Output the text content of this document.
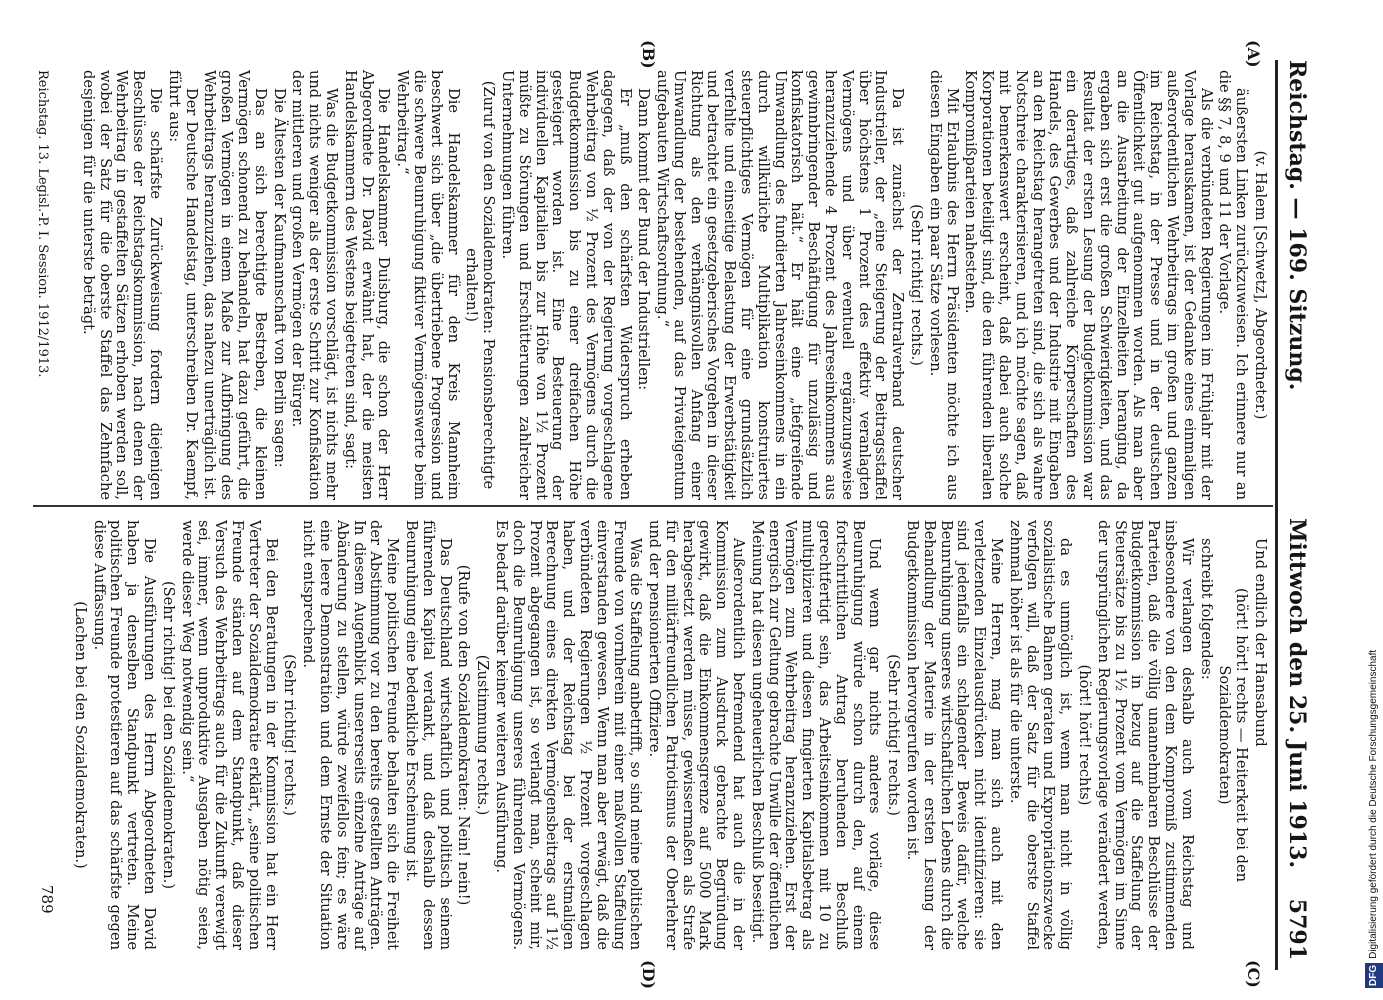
Reichstag. — 169. Sitzung.
Mittwoch den 25. Juni 1913.    5791
(A)
(B)
(C)
(D)

(v. Halem [Schwetz], Abgeordneter.)

äußersten Linken zurückzuweisen. Ich erinnere nur an die §§ 7, 8, 9 und 11 der Vorlage.

Als die verbündeten Regierungen im Frühjahr mit der Vorlage herauskamen, ist der Gedanke eines einmaligen außerordentlichen Wehrbeitrags im großen und ganzen im Reichstag, in der Presse und in der deutschen Öffentlichkeit gut aufgenommen worden. Als man aber an die Ausarbeitung der Einzelheiten heranging, da ergaben sich erst die großen Schwierigkeiten, und das Resultat der ersten Lesung der Budgetkommission war ein derartiges, daß zahlreiche Körperschaften des Handels, des Gewerbes und der Industrie mit Eingaben an den Reichstag herangetreten sind, die sich als wahre Notschreie charakterisieren, und ich möchte sagen, daß mit bemerkenswert erscheint, daß dabei auch solche Korporationen beteiligt sind, die den führenden liberalen Kompromißparteien nahestehen.

Mit Erlaubnis des Herrn Präsidenten möchte ich aus diesen Eingaben ein paar Sätze vorlesen.

(Sehr richtig! rechts.)

Da ist zunächst der Zentralverband deutscher Industrieller, der „eine Steigerung der Beitragsstaffel über höchstens 1 Prozent des effektiv veranlagten Vermögens und über eventuell ergänzungsweise heranzuziehende 4 Prozent des Jahreseinkommens aus gewinnbringender Beschäftigung für unzulässig und konfiskatorisch hält.“ Er hält eine „tiefgreifende Umwandlung des fundierten Jahreseinkommens in ein durch willkürliche Multiplikation konstruiertes steuerpflichtiges Vermögen für eine grundsätzlich verfehlte und einseitige Belastung der Erwerbstätigkeit und betrachtet ein gesetzgeberisches Vorgehen in dieser Richtung als den verhängnisvollen Anfang einer Umwandlung der bestehenden, auf das Privateigentum aufgebauten Wirtschaftsordnung.“

Dann kommt der Bund der Industriellen:

Er „muß den schärfsten Widerspruch erheben dagegen, daß der von der Regierung vorgeschlagene Wehrbeitrag von ½ Prozent des Vermögens durch die Budgetkommission bis zu einer dreifachen Höhe gesteigert worden ist. Eine Besteuerung der individuellen Kapitalien bis zur Höhe von 1½ Prozent müßte zu Störungen und Erschütterungen zahlreicher Unternehmungen führen.

(Zuruf von den Sozialdemokraten: Pensionsberechtigte erhalten!)

Die Handelskammer für den Kreis Mannheim beschwert sich über „die übertriebene Progression und die schwere Beunruhigung fiktiver Vermögenswerte beim Wehrbeitrag.“

Die Handelskammer Duisburg, die schon der Herr Abgeordnete Dr. David erwähnt hat, der die meisten Handelskammern des Westens beigetreten sind, sagt:

Was die Budgetkommission vorschlägt, ist nichts mehr und nichts weniger als der erste Schritt zur Konfiskation der mittleren und großen Vermögen der Bürger.

Die Ältesten der Kaufmannschaft von Berlin sagen:

Das an sich berechtigte Bestreben, die kleinen Vermögen schonend zu behandeln, hat dazu geführt, die großen Vermögen in einem Maße zur Aufbringung des Wehrbeitrags heranzuziehen, das nahezu unerträglich ist.

Der Deutsche Handelstag, unterschreiben Dr. Kaempf, führt aus:

Die schärfste Zurückweisung fordern diejenigen Beschlüsse der Reichstagskommission, nach denen der Wehrbeitrag in gestaffelten Sätzen erhoben werden soll, wobei der Satz für die oberste Staffel das Zehnfache desjenigen für die unterste beträgt.

Und endlich der Hansabund

(hört! hört! rechts — Heiterkeit bei den Sozialdemokraten)

schreibt folgendes:

Wir verlangen deshalb auch vom Reichstag und insbesondere von den dem Kompromiß zustimmenden Parteien, daß die völlig unannehmbaren Beschlüsse der Budgetkommission in bezug auf die Staffelung der Steuersätze bis zu 1½ Prozent vom Vermögen im Sinne der ursprünglichen Regierungsvorlage verändert werden,

(hört! hört! rechts)

da es unmöglich ist, wenn man nicht in völlig sozialistische Bahnen geraten und Expropriationszwecke verfolgen will, daß der Satz für die oberste Staffel zehnmal höher ist als für die unterste.

Meine Herren, mag man sich auch mit den verletzenden Einzelausdrücken nicht identifizieren: sie sind jedenfalls ein schlagender Beweis dafür, welche Beunruhigung unseres wirtschaftlichen Lebens durch die Behandlung der Materie in der ersten Lesung der Budgetkommission hervorgerufen worden ist.

(Sehr richtig! rechts.)

Und wenn gar nichts anderes vorläge, diese Beunruhigung würde schon durch den, auf einem fortschrittlichen Antrag beruhenden Beschluß gerechtfertigt sein, das Arbeitseinkommen mit 10 zu multiplizieren und diesen fingierten Kapitalsbetrag als Vermögen zum Wehrbeitrag heranzuziehen. Erst der energisch zur Geltung gebrachte Unwille der öffentlichen Meinung hat diesen ungeheuerlichen Beschluß beseitigt.

Außerordentlich befremdend hat auch die in der Kommission zum Ausdruck gebrachte Begründung gewirkt, daß die Einkommensgrenze auf 5000 Mark herabgesetzt werden müsse, gewissermaßen als Strafe für den militärfreundlichen Patriotismus der Oberlehrer und der pensionierten Offiziere.

Was die Staffelung anbetrifft, so sind meine politischen Freunde von vornherein mit einer maßvollen Staffelung einverstanden gewesen. Wenn man aber erwägt, daß die verbündeten Regierungen ½ Prozent vorgeschlagen haben, und der Reichstag bei der erstmaligen Berechnung eines direkten Vermögensbeitrags auf 1½ Prozent abgegangen ist, so verlangt man, scheint mir, doch die Beunruhigung unseres führenden Vermögens. Es bedarf darüber keiner weiteren Ausführung.

(Zustimmung rechts.)

(Rufe von den Sozialdemokraten: Nein! nein!)

Das Deutschland wirtschaftlich und politisch seinem führenden Kapital verdankt, und daß deshalb dessen Beunruhigung eine bedenkliche Erscheinung ist.

Meine politischen Freunde behalten sich die Freiheit der Abstimmung vor zu den bereits gestellten Anträgen. In diesem Augenblick unsererseits einzelne Anträge auf Abänderung zu stellen, würde zweifellos fein; es wäre eine leere Demonstration und dem Ernste der Situation nicht entsprechend.

(Sehr richtig! rechts.)

Bei den Beratungen in der Kommission hat ein Herr Vertreter der Sozialdemokratie erklärt, „seine politischen Freunde ständen auf dem Standpunkt, daß dieser Versuch des Wehrbeitrags auch für die Zukunft verewigt sei, immer, wenn unproduktive Ausgaben nötig seien, werde dieser Weg notwendig sein.“

(Sehr richtig! bei den Sozialdemokraten.)

Die Ausführungen des Herrn Abgeordneten David haben ja denselben Standpunkt vertreten. Meine politischen Freunde protestieren auf das schärfste gegen diese Auffassung.

(Lachen bei den Sozialdemokraten.)

Reichstag. 13. Legisl.-P. I. Session. 1912/1913.
789
DFGDigitalisierung gefördert durch die Deutsche Forschungsgemeinschaft
